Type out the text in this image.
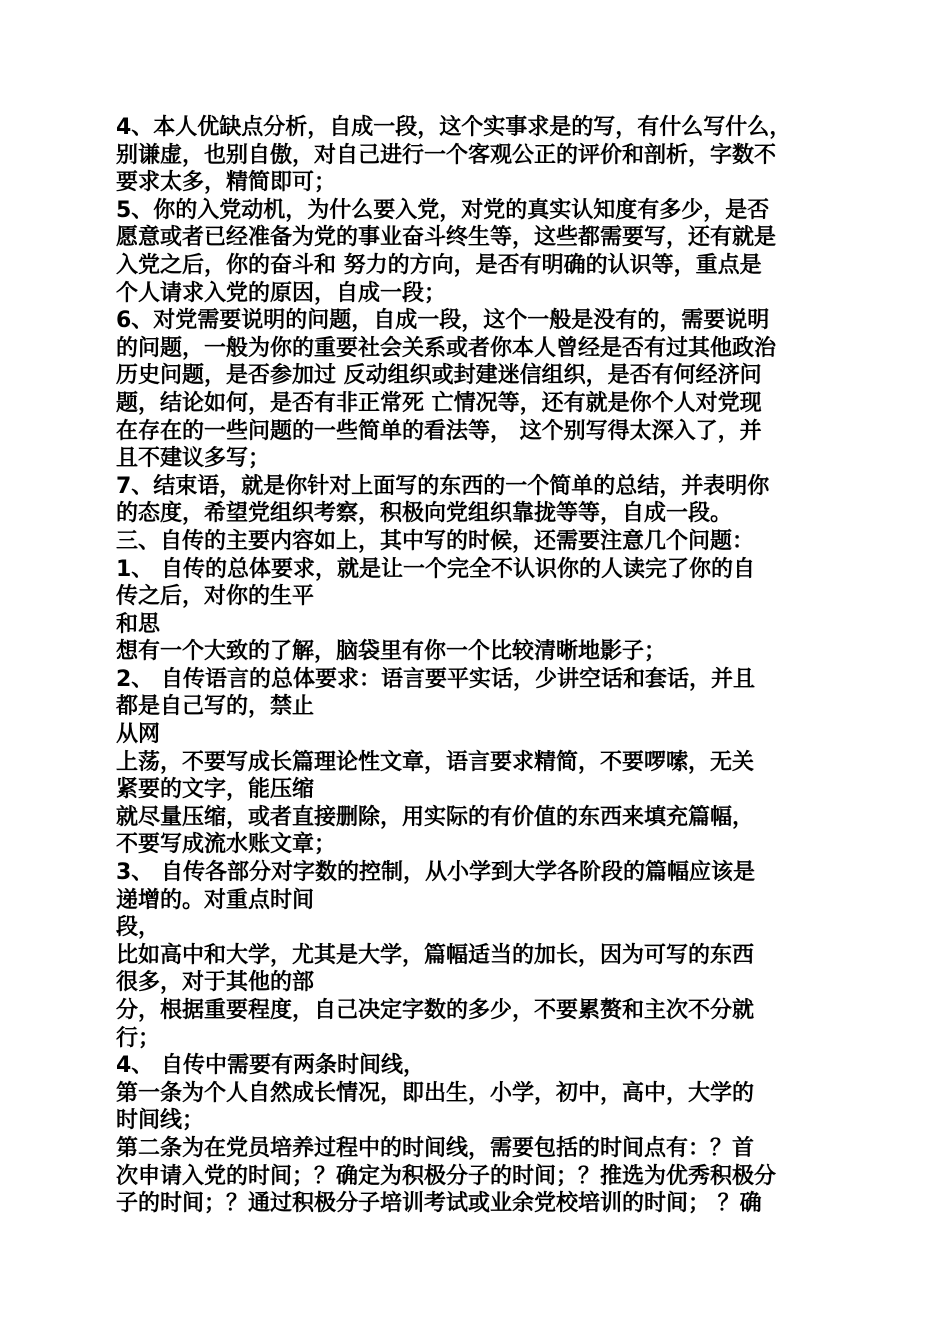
4、本人优缺点分析，自成一段，这个实事求是的写，有什么写什么，
别谦虚，也别自傲，对自己进行一个客观公正的评价和剖析，字数不
要求太多，精简即可；
5、你的入党动机，为什么要入党，对党的真实认知度有多少，是否
愿意或者已经准备为党的事业奋斗终生等，这些都需要写，还有就是
入党之后，你的奋斗和 努力的方向，是否有明确的认识等，重点是
个人请求入党的原因，自成一段；
6、对党需要说明的问题，自成一段，这个一般是没有的，需要说明
的问题，一般为你的重要社会关系或者你本人曾经是否有过其他政治
历史问题，是否参加过 反动组织或封建迷信组织，是否有何经济问
题，结论如何，是否有非正常死 亡情况等，还有就是你个人对党现
在存在的一些问题的一些简单的看法等， 这个别写得太深入了，并
且不建议多写；
7、结束语，就是你针对上面写的东西的一个简单的总结，并表明你
的态度，希望党组织考察，积极向党组织靠拢等等，自成一段。
三、自传的主要内容如上，其中写的时候，还需要注意几个问题：
1、 自传的总体要求，就是让一个完全不认识你的人读完了你的自
传之后，对你的生平
和思
想有一个大致的了解，脑袋里有你一个比较清晰地影子；
2、 自传语言的总体要求：语言要平实话，少讲空话和套话，并且
都是自己写的，禁止
从网
上荡，不要写成长篇理论性文章，语言要求精简，不要啰嗦，无关
紧要的文字，能压缩
就尽量压缩，或者直接删除，用实际的有价值的东西来填充篇幅，
不要写成流水账文章；
3、 自传各部分对字数的控制，从小学到大学各阶段的篇幅应该是
递增的。对重点时间
段，
比如高中和大学，尤其是大学，篇幅适当的加长，因为可写的东西
很多，对于其他的部
分，根据重要程度，自己决定字数的多少，不要累赘和主次不分就
行；
4、 自传中需要有两条时间线，
第一条为个人自然成长情况，即出生，小学，初中，高中，大学的
时间线；
第二条为在党员培养过程中的时间线，需要包括的时间点有：？首
次申请入党的时间；？确定为积极分子的时间；？推选为优秀积极分
子的时间；？通过积极分子培训考试或业余党校培训的时间； ？确
